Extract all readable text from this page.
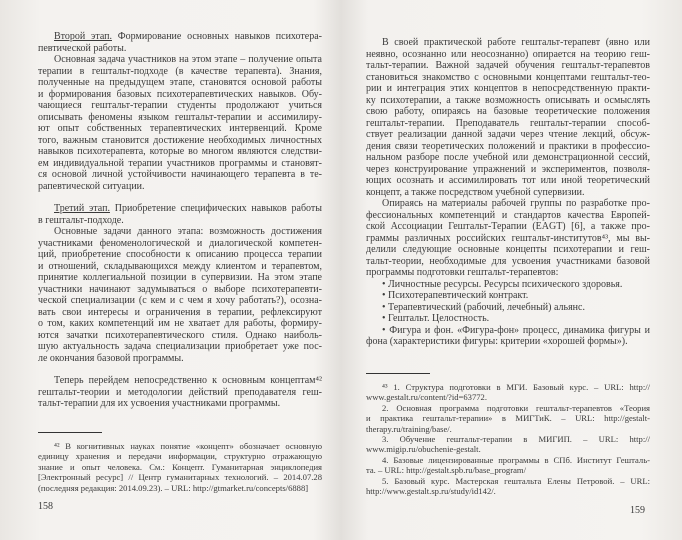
Второй этап. Формирование основных навыков психотера-
певтической работы.
Основная задача участников на этом этапе – получение опыта
терапии в гештальт-подходе (в качестве терапевта). Знания,
полученные на предыдущем этапе, становятся основой работы
и формирования базовых психотерапевтических навыков. Обу-
чающиеся гештальт-терапии студенты продолжают учиться
описывать феномены языком гештальт-терапии и ассимилиру-
ют опыт собственных терапевтических интервенций. Кроме
того, важным становится достижение необходимых личностных
навыков психотерапевта, которые во многом являются следстви-
ем индивидуальной терапии участников программы и становят-
ся основой личной устойчивости начинающего терапевта в те-
рапевтической ситуации.
Третий этап. Приобретение специфических навыков работы
в гештальт-подходе.
Основные задачи данного этапа: возможность достижения
участниками феноменологической и диалогической компетен-
ций, приобретение способности к описанию процесса терапии
и отношений, складывающихся между клиентом и терапевтом,
принятие коллегиальной позиции в супервизии. На этом этапе
участники начинают задумываться о выборе психотерапевти-
ческой специализации (с кем и с чем я хочу работать?), осозна-
вать свои интересы и ограничения в терапии, рефлексируют
о том, каких компетенций им не хватает для работы, формиру-
ются зачатки психотерапевтического стиля. Однако наиболь-
шую актуальность задача специализации приобретает уже пос-
ле окончания базовой программы.
Теперь перейдем непосредственно к основным концептам⁴²
гештальт-теории и методологии действий преподавателя геш-
тальт-терапии для их усвоения участниками программы.
⁴² В когнитивных науках понятие «концепт» обозначает основную
единицу хранения и передачи информации, структурно отражающую
знание и опыт человека. См.: Концепт. Гуманитарная энциклопедия
[Электронный ресурс] // Центр гуманитарных технологий. – 2014.07.28
(последняя редакция: 2014.09.23). – URL: http://gtmarket.ru/concepts/6888]
158
В своей практической работе гештальт-терапевт (явно или
неявно, осознанно или неосознанно) опирается на теорию геш-
тальт-терапии. Важной задачей обучения гештальт-терапевтов
становиться знакомство с основными концептами гештальт-тео-
рии и интеграция этих концептов в непосредственную практи-
ку психотерапии, а также возможность описывать и осмыслять
свою работу, опираясь на базовые теоретические положения
гештальт-терапии. Преподаватель гештальт-терапии способ-
ствует реализации данной задачи через чтение лекций, обсуж-
дения связи теоретических положений и практики в профессио-
нальном разборе после учебной или демонстрационной сессий,
через конструирование упражнений и экспериментов, позволя-
ющих осознать и ассимилировать тот или иной теоретический
концепт, а также посредством учебной супервизии.
Опираясь на материалы рабочей группы по разработке про-
фессиональных компетенций и стандартов качества Европей-
ской Ассоциации Гештальт-Терапии (EAGT) [6], а также про-
граммы различных российских гештальт-институтов⁴³, мы вы-
делили следующие основные концепты психотерапии и геш-
тальт-теории, необходимые для усвоения участниками базовой
программы подготовки гештальт-терапевтов:
• Личностные ресурсы. Ресурсы психического здоровья.
• Психотерапевтический контракт.
• Терапевтический (рабочий, лечебный) альянс.
• Гештальт. Целостность.
• Фигура и фон. «Фигура-фон» процесс, динамика фигуры и
фона (характеристики фигуры: критерии «хорошей формы»).
⁴³ 1. Структура подготовки в МГИ. Базовый курс. – URL: http://
www.gestalt.ru/content/?id=63772.
2. Основная программа подготовки гештальт-терапевтов «Теория
и практика гештальт-терапии» в МИГТиК. – URL: http://gestalt-
therapy.ru/training/base/.
3. Обучение гештальт-терапии в МИГИП. – URL: http://
www.migip.ru/obuchenie-gestalt.
4. Базовые лицензированные программы в СПб. Институт Гешталь-
та. – URL: http://gestalt.spb.ru/base_program/
5. Базовый курс. Мастерская гештальта Елены Петровой. – URL:
http://www.gestalt.sp.ru/study/id142/.
159
